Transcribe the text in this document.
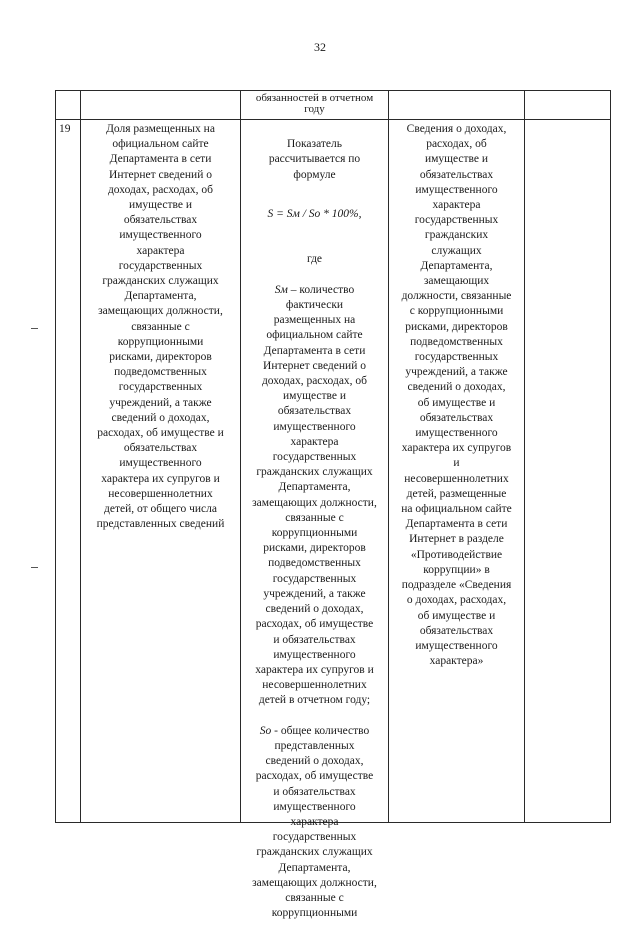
32
обязанностей в отчетном
году
19	Доля размещенных на
официальном сайте
Департамента в сети
Интернет сведений о
доходах, расходах, об
имуществе и
обязательствах
имущественного
характера
государственных
гражданских служащих
Департамента,
замещающих должности,
связанные с
коррупционными
рисками, директоров
подведомственных
государственных
учреждений, а также
сведений о доходах,
расходах, об имуществе и
обязательствах
имущественного
характера их супругов и
несовершеннолетних
детей, от общего числа
представленных сведений

Показатель
рассчитывается по
формуле

S = Sм / So * 100%,

где

Sм – количество
фактически
размещенных на
официальном сайте
Департамента в сети
Интернет сведений о
доходах, расходах, об
имуществе и
обязательствах
имущественного
характера
государственных
гражданских служащих
Департамента,
замещающих должности,
связанные с
коррупционными
рисками, директоров
подведомственных
государственных
учреждений, а также
сведений о доходах,
расходах, об имуществе
и обязательствах
имущественного
характера их супругов и
несовершеннолетних
детей в отчетном году;

So - общее количество
представленных
сведений о доходах,
расходах, об имуществе
и обязательствах
имущественного
характера
государственных
гражданских служащих
Департамента,
замещающих должности,
связанные с
коррупционными

Сведения о доходах,
расходах, об
имуществе и
обязательствах
имущественного
характера
государственных
гражданских
служащих
Департамента,
замещающих
должности, связанные
с коррупционными
рисками, директоров
подведомственных
государственных
учреждений, а также
сведений о доходах,
об имуществе и
обязательствах
имущественного
характера их супругов
и
несовершеннолетних
детей, размещенные
на официальном сайте
Департамента в сети
Интернет в разделе
«Противодействие
коррупции» в
подразделе «Сведения
о доходах, расходах,
об имуществе и
обязательствах
имущественного
характера»
